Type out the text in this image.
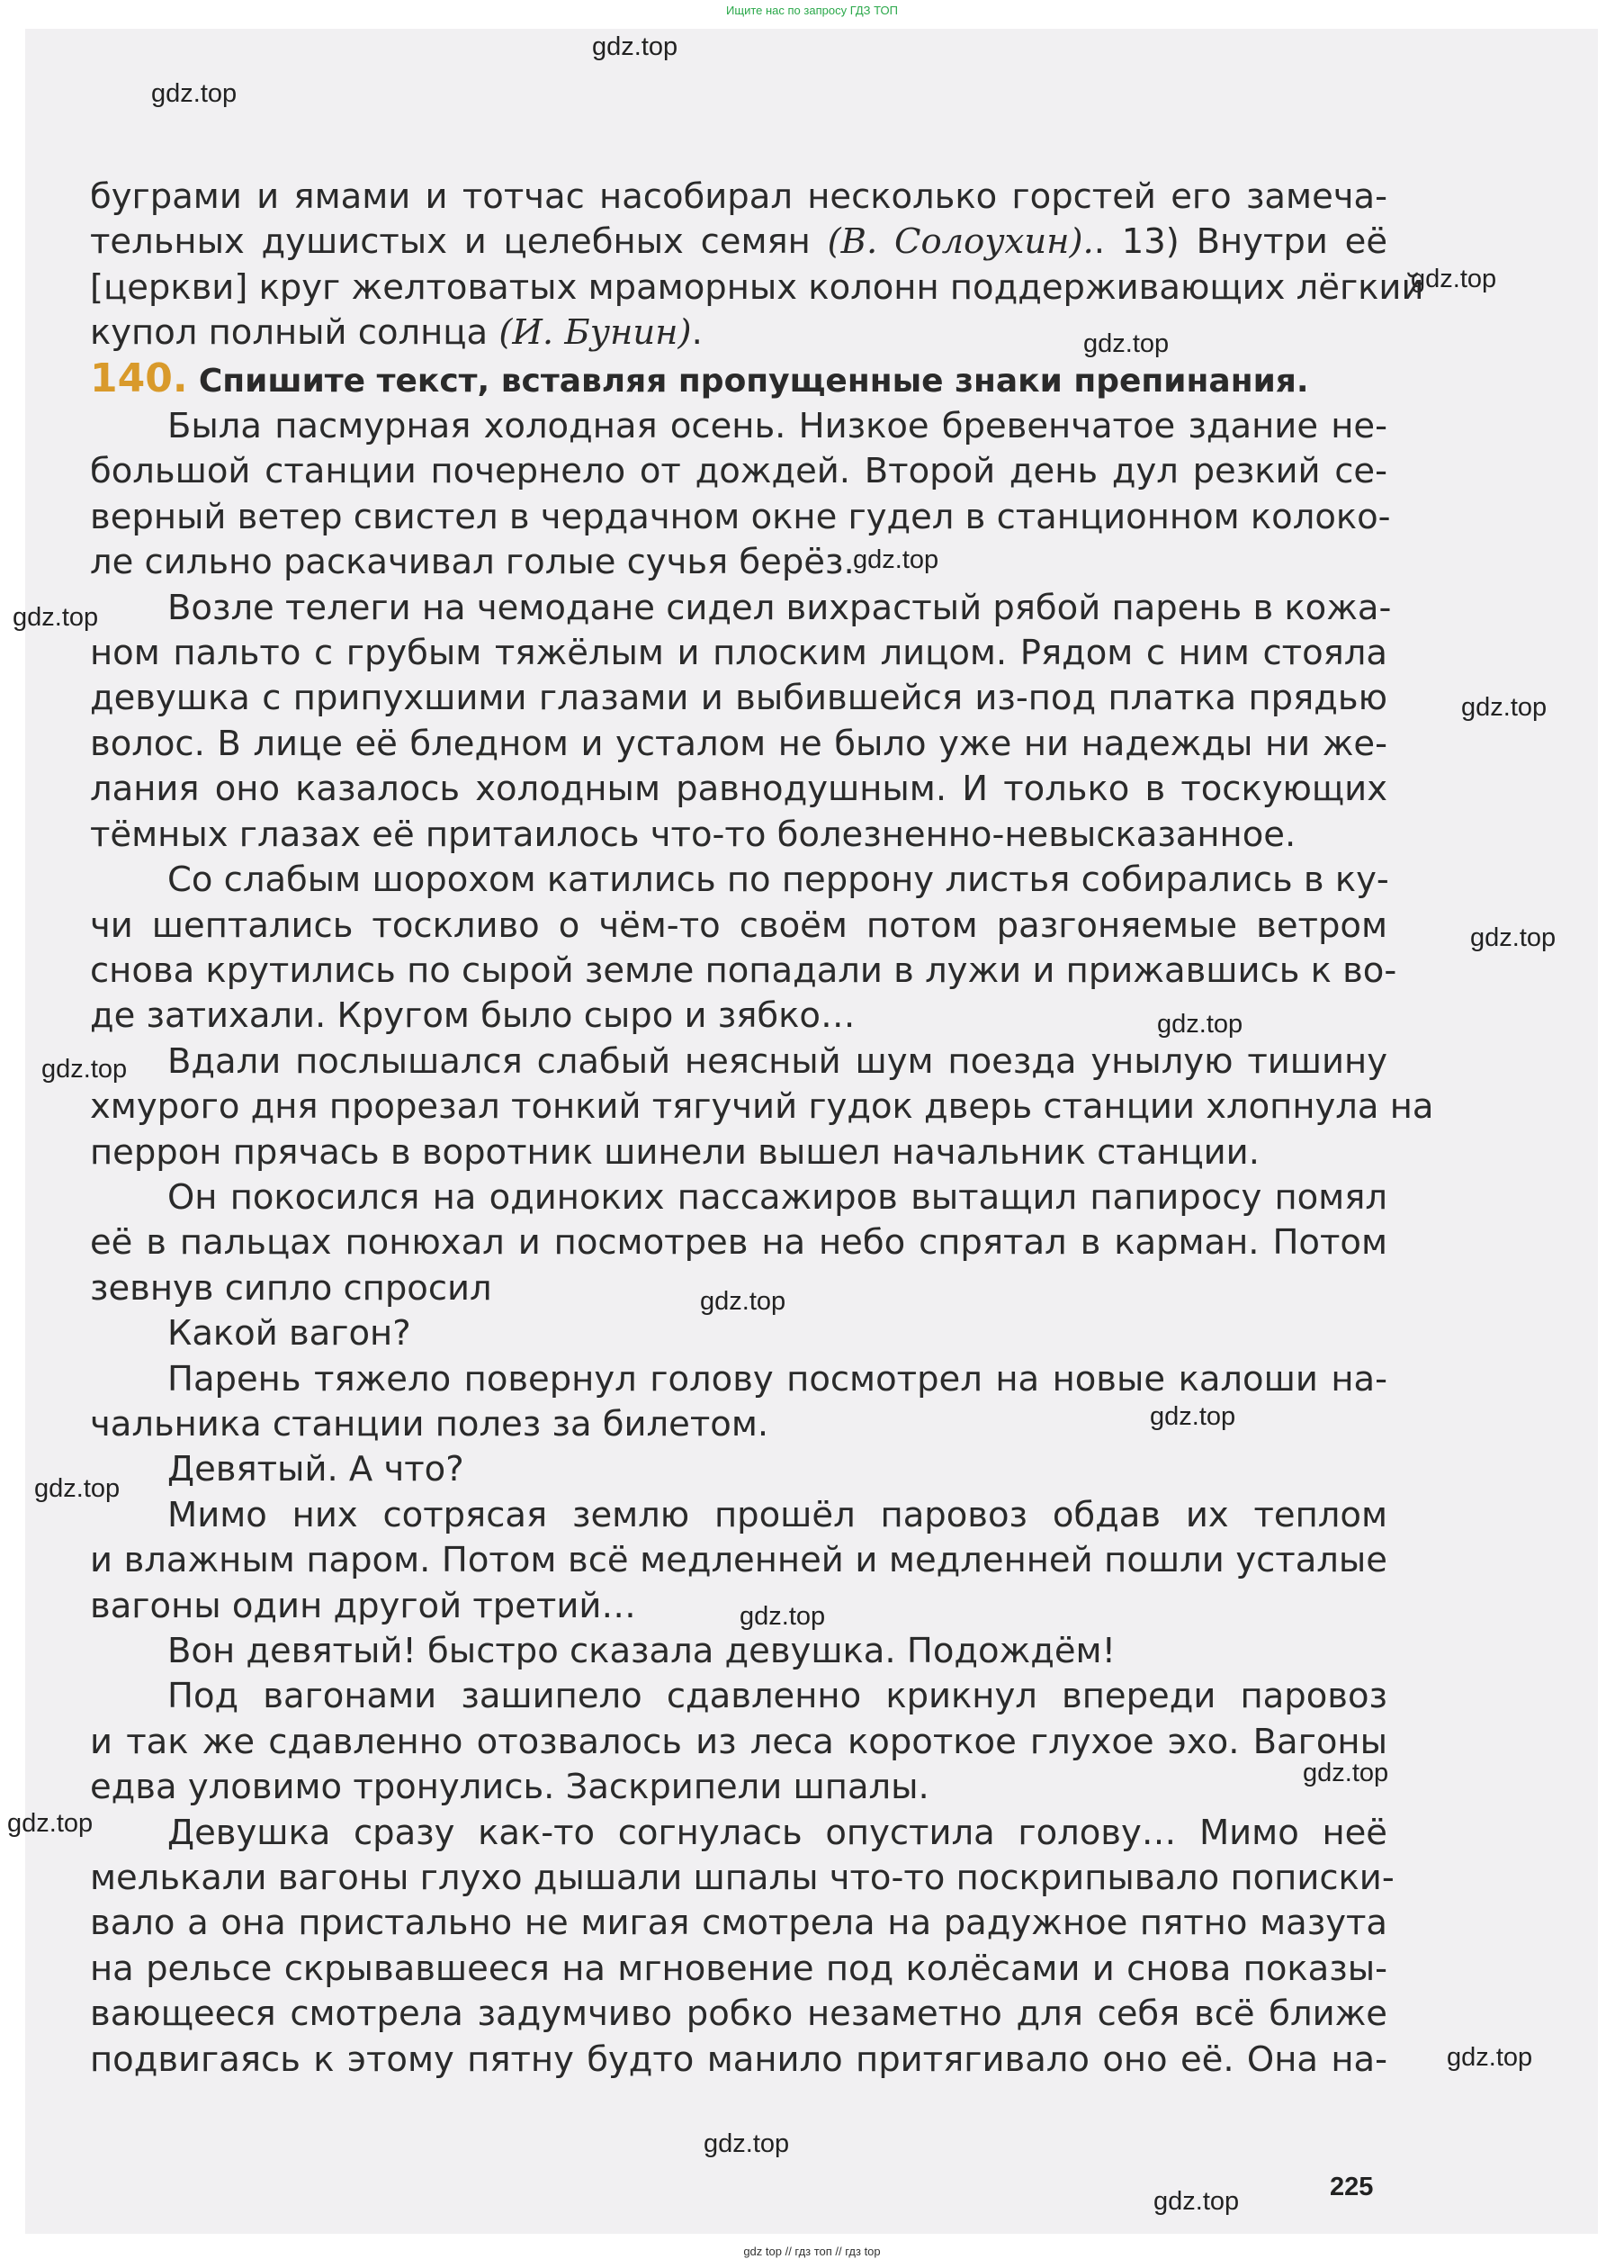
Ищите нас по запросу ГДЗ ТОП
gdz.top
gdz.top
gdz.top
gdz.top
gdz.top
gdz.top
gdz.top
gdz.top
gdz.top
gdz.top
gdz.top
gdz.top
gdz.top
gdz.top
gdz.top
gdz.top
gdz.top
gdz.top
gdz.top
буграми и ямами и тотчас насобирал несколько горстей его замеча-
тельных душистых и целебных семян (В. Солоухин).. 13) Внутри её
[церкви] круг желтоватых мраморных колонн поддерживающих лёгкий
купол полный солнца (И. Бунин).
140. Спишите текст, вставляя пропущенные знаки препинания.
Была пасмурная холодная осень. Низкое бревенчатое здание не-
большой станции почернело от дождей. Второй день дул резкий се-
верный ветер свистел в чердачном окне гудел в станционном колоко-
ле сильно раскачивал голые сучья берёз.
Возле телеги на чемодане сидел вихрастый рябой парень в кожа-
ном пальто с грубым тяжёлым и плоским лицом. Рядом с ним стояла
девушка с припухшими глазами и выбившейся из-под платка прядью
волос. В лице её бледном и усталом не было уже ни надежды ни же-
лания оно казалось холодным равнодушным. И только в тоскующих
тёмных глазах её притаилось что-то болезненно-невысказанное.
Со слабым шорохом катились по перрону листья собирались в ку-
чи шептались тоскливо о чём-то своём потом разгоняемые ветром
снова крутились по сырой земле попадали в лужи и прижавшись к во-
де затихали. Кругом было сыро и зябко…
Вдали послышался слабый неясный шум поезда унылую тишину
хмурого дня прорезал тонкий тягучий гудок дверь станции хлопнула на
перрон прячась в воротник шинели вышел начальник станции.
Он покосился на одиноких пассажиров вытащил папиросу помял
её в пальцах понюхал и посмотрев на небо спрятал в карман. Потом
зевнув сипло спросил
Какой вагон?
Парень тяжело повернул голову посмотрел на новые калоши на-
чальника станции полез за билетом.
Девятый. А что?
Мимо них сотрясая землю прошёл паровоз обдав их теплом
и влажным паром. Потом всё медленней и медленней пошли усталые
вагоны один другой третий…
Вон девятый! быстро сказала девушка. Подождём!
Под вагонами зашипело сдавленно крикнул впереди паровоз
и так же сдавленно отозвалось из леса короткое глухое эхо. Вагоны
едва уловимо тронулись. Заскрипели шпалы.
Девушка сразу как-то согнулась опустила голову… Мимо неё
мелькали вагоны глухо дышали шпалы что-то поскрипывало пописки-
вало а она пристально не мигая смотрела на радужное пятно мазута
на рельсе скрывавшееся на мгновение под колёсами и снова показы-
вающееся смотрела задумчиво робко незаметно для себя всё ближе
подвигаясь к этому пятну будто манило притягивало оно её. Она на-
225
gdz top // гдз топ // гдз top
